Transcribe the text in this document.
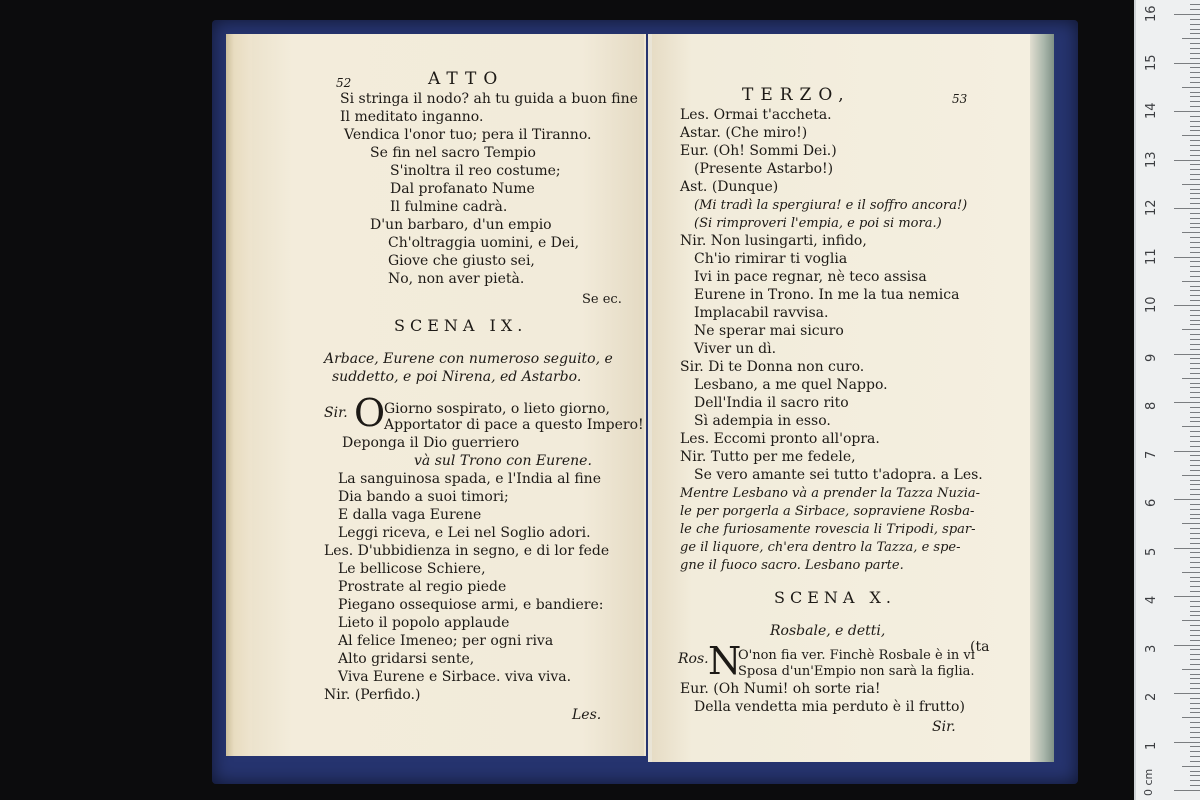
52	ATTO
Si stringa il nodo? ah tu guida a buon fine
Il meditato inganno.
Vendica l'onor tuo; pera il Tiranno.
Se fin nel sacro Tempio
S'inoltra il reo costume;
Dal profanato Nume
Il fulmine cadrà.
D'un barbaro, d'un empio
Ch'oltraggia uomini, e Dei,
Giove che giusto sei,
No, non aver pietà.
Se ec.
SCENA IX.
Arbace, Eurene con numeroso seguito, e
suddetto, e poi Nirena, ed Astarbo.
Sir. O
Giorno sospirato, o lieto giorno,
Apportator di pace a questo Impero!
Deponga il Dio guerriero
và sul Trono con Eurene.
La sanguinosa spada, e l'India al fine
Dia bando a suoi timori;
E dalla vaga Eurene
Leggi riceva, e Lei nel Soglio adori.
Les. D'ubbidienza in segno, e di lor fede
Le bellicose Schiere,
Prostrate al regio piede
Piegano ossequiose armi, e bandiere:
Lieto il popolo applaude
Al felice Imeneo; per ogni riva
Alto gridarsi sente,
Viva Eurene e Sirbace. viva viva.
Nir. (Perfido.)
Les.
TERZO,	53
Les. Ormai t'accheta.
Astar. (Che miro!)
Eur. (Oh! Sommi Dei.)
(Presente Astarbo!)
Ast. (Dunque)
(Mi tradì la spergiura! e il soffro ancora!)
(Si rimproveri l'empia, e poi si mora.)
Nir. Non lusingarti, infido,
Ch'io rimirar ti voglia
Ivi in pace regnar, nè teco assisa
Eurene in Trono. In me la tua nemica
Implacabil ravvisa.
Ne sperar mai sicuro
Viver un dì.
Sir. Di te Donna non curo.
Lesbano, a me quel Nappo.
Dell'India il sacro rito
Sì adempia in esso.
Les. Eccomi pronto all'opra.
Nir. Tutto per me fedele,
Se vero amante sei tutto t'adopra. a Les.
Mentre Lesbano và a prender la Tazza Nuzia-
le per porgerla a Sirbace, sopraviene Rosba-
le che furiosamente rovescia li Tripodi, spar-
ge il liquore, ch'era dentro la Tazza, e spe-
gne il fuoco sacro. Lesbano parte.
SCENA X.
Rosbale, e detti,
(ta
Ros. N
O'non fia ver. Finchè Rosbale è in vi
Sposa d'un'Empio non sarà la figlia.
Eur. (Oh Numi! oh sorte ria!
Della vendetta mia perduto è il frutto)
Sir.
0 cm
1
2
3
4
5
6
7
8
9
10
11
12
13
14
15
16
